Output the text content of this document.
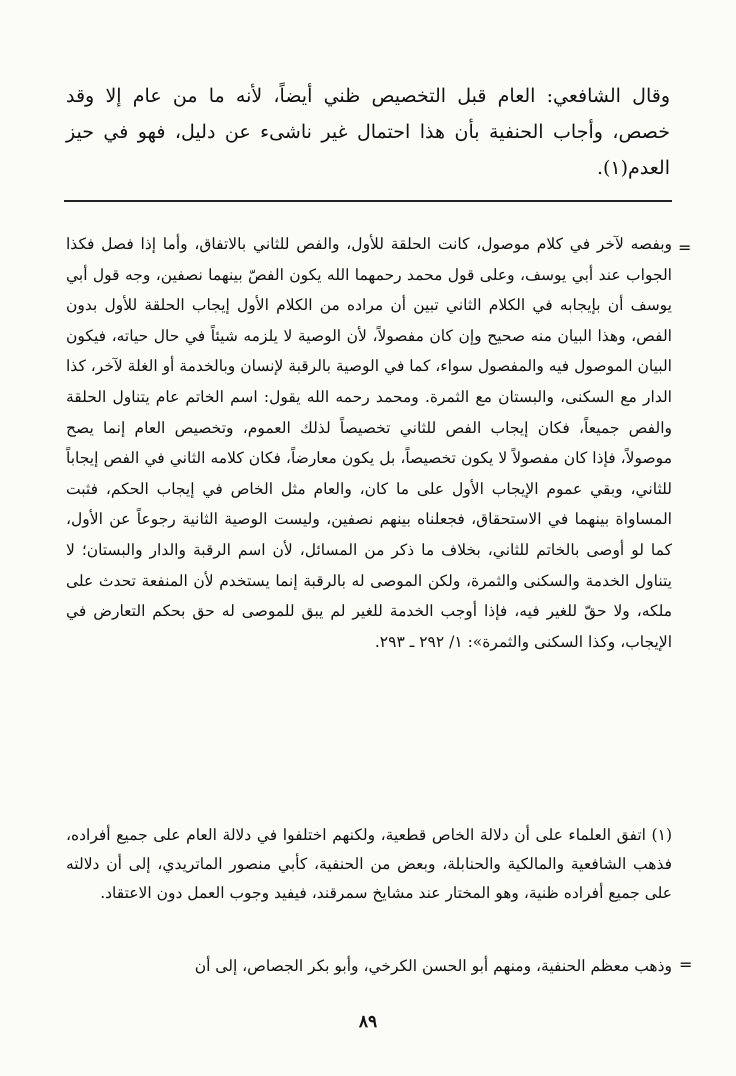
وقال الشافعي: العام قبل التخصيص ظني أيضاً، لأنه ما من عام إلا وقد خصص، وأجاب الحنفية بأن هذا احتمال غير ناشىء عن دليل، فهو في حيز العدم(١).

=

وبفصه لآخر في كلام موصول، كانت الحلقة للأول، والفص للثاني بالاتفاق، وأما إذا فصل فكذا الجواب عند أبي يوسف، وعلى قول محمد رحمهما الله يكون الفصّ بينهما نصفين، وجه قول أبي يوسف أن بإيجابه في الكلام الثاني تبين أن مراده من الكلام الأول إيجاب الحلقة للأول بدون الفص، وهذا البيان منه صحيح وإن كان مفصولاً، لأن الوصية لا يلزمه شيئاً في حال حياته، فيكون البيان الموصول فيه والمفصول سواء، كما في الوصية بالرقبة لإنسان وبالخدمة أو الغلة لآخر، كذا الدار مع السكنى، والبستان مع الثمرة. ومحمد رحمه الله يقول: اسم الخاتم عام يتناول الحلقة والفص جميعاً، فكان إيجاب الفص للثاني تخصيصاً لذلك العموم، وتخصيص العام إنما يصح موصولاً، فإذا كان مفصولاً لا يكون تخصيصاً، بل يكون معارضاً، فكان كلامه الثاني في الفص إيجاباً للثاني، وبقي عموم الإيجاب الأول على ما كان، والعام مثل الخاص في إيجاب الحكم، فثبت المساواة بينهما في الاستحقاق، فجعلناه بينهم نصفين، وليست الوصية الثانية رجوعاً عن الأول، كما لو أوصى بالخاتم للثاني، بخلاف ما ذكر من المسائل، لأن اسم الرقبة والدار والبستان؛ لا يتناول الخدمة والسكنى والثمرة، ولكن الموصى له بالرقبة إنما يستخدم لأن المنفعة تحدث على ملكه، ولا حقّ للغير فيه، فإذا أوجب الخدمة للغير لم يبق للموصى له حق بحكم التعارض في الإيجاب، وكذا السكنى والثمرة»: ١/ ٢٩٢ ـ ٢٩٣.

(١) اتفق العلماء على أن دلالة الخاص قطعية، ولكنهم اختلفوا في دلالة العام على جميع أفراده، فذهب الشافعية والمالكية والحنابلة، وبعض من الحنفية، كأبي منصور الماتريدي، إلى أن دلالته على جميع أفراده ظنية، وهو المختار عند مشايخ سمرقند، فيفيد وجوب العمل دون الاعتقاد.

وذهب معظم الحنفية، ومنهم أبو الحسن الكرخي، وأبو بكر الجصاص، إلى أن =
٨٩
